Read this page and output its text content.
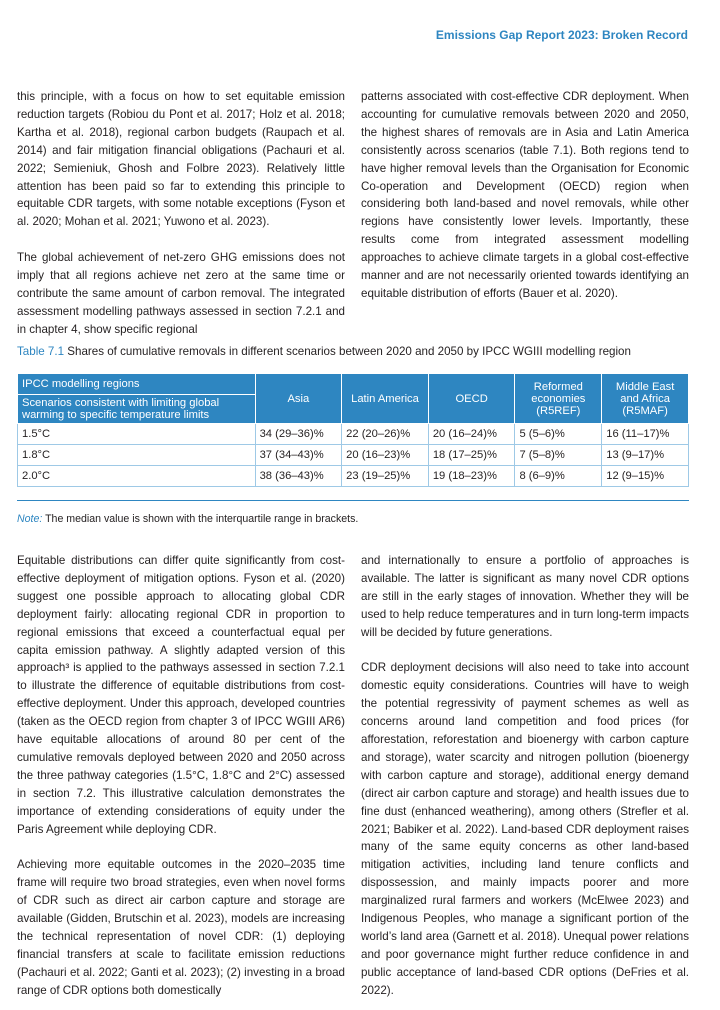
Emissions Gap Report 2023: Broken Record

this principle, with a focus on how to set equitable emission reduction targets (Robiou du Pont et al. 2017; Holz et al. 2018; Kartha et al. 2018), regional carbon budgets (Raupach et al. 2014) and fair mitigation financial obligations (Pachauri et al. 2022; Semieniuk, Ghosh and Folbre 2023). Relatively little attention has been paid so far to extending this principle to equitable CDR targets, with some notable exceptions (Fyson et al. 2020; Mohan et al. 2021; Yuwono et al. 2023).

The global achievement of net-zero GHG emissions does not imply that all regions achieve net zero at the same time or contribute the same amount of carbon removal. The integrated assessment modelling pathways assessed in section 7.2.1 and in chapter 4, show specific regional

patterns associated with cost-effective CDR deployment. When accounting for cumulative removals between 2020 and 2050, the highest shares of removals are in Asia and Latin America consistently across scenarios (table 7.1). Both regions tend to have higher removal levels than the Organisation for Economic Co-operation and Development (OECD) region when considering both land-based and novel removals, while other regions have consistently lower levels. Importantly, these results come from integrated assessment modelling approaches to achieve climate targets in a global cost-effective manner and are not necessarily oriented towards identifying an equitable distribution of efforts (Bauer et al. 2020).

Table 7.1 Shares of cumulative removals in different scenarios between 2020 and 2050 by IPCC WGIII modelling region
IPCC modelling regions	Asia	Latin America	OECD	Reformed economies (R5REF)	Middle East and Africa (R5MAF)
Scenarios consistent with limiting global warming to specific temperature limits					
1.5°C	34 (29–36)%	22 (20–26)%	20 (16–24)%	5 (5–6)%	16 (11–17)%
1.8°C	37 (34–43)%	20 (16–23)%	18 (17–25)%	7 (5–8)%	13 (9–17)%
2.0°C	38 (36–43)%	23 (19–25)%	19 (18–23)%	8 (6–9)%	12 (9–15)%
Note: The median value is shown with the interquartile range in brackets.

Equitable distributions can differ quite significantly from cost-effective deployment of mitigation options. Fyson et al. (2020) suggest one possible approach to allocating global CDR deployment fairly: allocating regional CDR in proportion to regional emissions that exceed a counterfactual equal per capita emission pathway. A slightly adapted version of this approach³ is applied to the pathways assessed in section 7.2.1 to illustrate the difference of equitable distributions from cost-effective deployment. Under this approach, developed countries (taken as the OECD region from chapter 3 of IPCC WGIII AR6) have equitable allocations of around 80 per cent of the cumulative removals deployed between 2020 and 2050 across the three pathway categories (1.5°C, 1.8°C and 2°C) assessed in section 7.2. This illustrative calculation demonstrates the importance of extending considerations of equity under the Paris Agreement while deploying CDR.

Achieving more equitable outcomes in the 2020–2035 time frame will require two broad strategies, even when novel forms of CDR such as direct air carbon capture and storage are available (Gidden, Brutschin et al. 2023), models are increasing the technical representation of novel CDR: (1) deploying financial transfers at scale to facilitate emission reductions (Pachauri et al. 2022; Ganti et al. 2023); (2) investing in a broad range of CDR options both domestically

and internationally to ensure a portfolio of approaches is available. The latter is significant as many novel CDR options are still in the early stages of innovation. Whether they will be used to help reduce temperatures and in turn long-term impacts will be decided by future generations.

CDR deployment decisions will also need to take into account domestic equity considerations. Countries will have to weigh the potential regressivity of payment schemes as well as concerns around land competition and food prices (for afforestation, reforestation and bioenergy with carbon capture and storage), water scarcity and nitrogen pollution (bioenergy with carbon capture and storage), additional energy demand (direct air carbon capture and storage) and health issues due to fine dust (enhanced weathering), among others (Strefler et al. 2021; Babiker et al. 2022). Land-based CDR deployment raises many of the same equity concerns as other land-based mitigation activities, including land tenure conflicts and dispossession, and mainly impacts poorer and more marginalized rural farmers and workers (McElwee 2023) and Indigenous Peoples, who manage a significant portion of the world’s land area (Garnett et al. 2018). Unequal power relations and poor governance might further reduce confidence in and public acceptance of land-based CDR options (DeFries et al. 2022).
